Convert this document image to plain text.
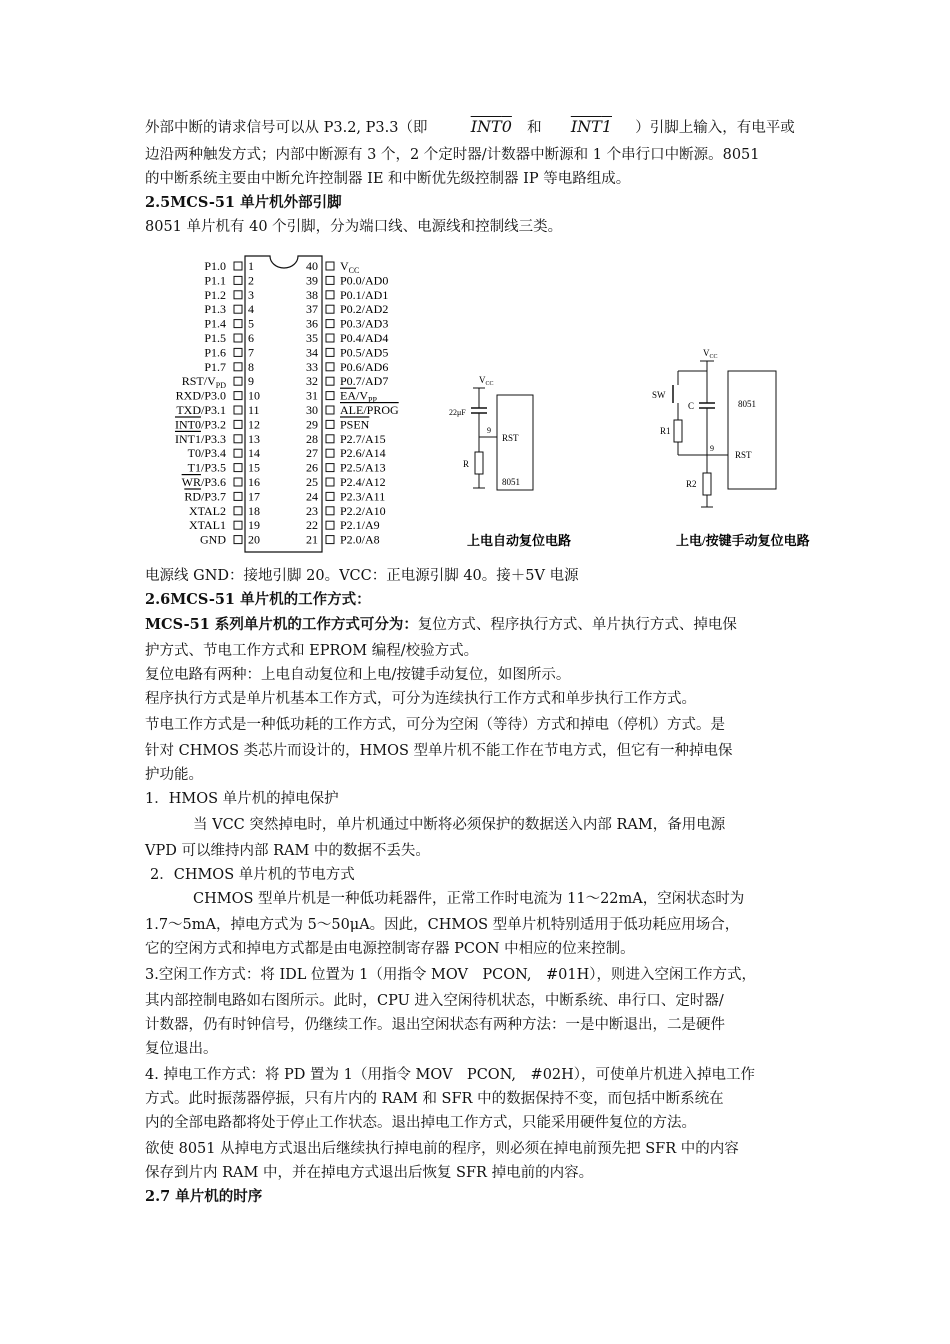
外部中断的请求信号可以从 P3.2, P3.3（即	INT0 和 INT1 ）引脚上输入，有电平或
边沿两种触发方式；内部中断源有 3 个，2 个定时器/计数器中断源和 1 个串行口中断源。8051
的中断系统主要由中断允许控制器 IE 和中断优先级控制器 IP 等电路组成。
2.5MCS-51 单片机外部引脚
8051 单片机有 40 个引脚，分为端口线、电源线和控制线三类。
P1.0 1
P1.1 2
P1.2 3
P1.3 4
P1.4 5
P1.5 6
P1.6 7
P1.7 8
RST/$V_{PD}$ 9
RXD/P3.0 10
TXD/P3.1 11
INT0/P3.2 12
INT1/P3.3 13
T0/P3.4 14
T1/P3.5 15
WR/P3.6 16
RD/P3.7 17
XTAL2 18
XTAL1 19
GND 20
40 $V_{CC}$
39 P0.0/AD0
38 P0.1/AD1
37 P0.2/AD2
36 P0.3/AD3
35 P0.4/AD4
34 P0.5/AD5
33 P0.6/AD6
32 P0.7/AD7
31 $EA/V_{PP}$
30 ALE/PROG
29 PSEN
28 P2.7/A15
27 P2.6/A14
26 P2.5/A13
25 P2.4/A12
24 P2.3/A11
23 P2.2/A10
22 P2.1/A9
21 P2.0/A8
$V_{CC}$
22μF
9
R
RST
8051
上电自动复位电路
$V_{CC}$
SW
R1
C
9
R2
8051
RST
上电/按键手动复位电路
电源线 GND：接地引脚 20。VCC：正电源引脚 40。接＋5V 电源
2.6MCS-51 单片机的工作方式：
MCS-51 系列单片机的工作方式可分为：复位方式、程序执行方式、单片执行方式、掉电保
护方式、节电工作方式和 EPROM 编程/校验方式。
复位电路有两种：上电自动复位和上电/按键手动复位，如图所示。
程序执行方式是单片机基本工作方式，可分为连续执行工作方式和单步执行工作方式。
节电工作方式是一种低功耗的工作方式，可分为空闲（等待）方式和掉电（停机）方式。是
针对 CHMOS 类芯片而设计的，HMOS 型单片机不能工作在节电方式，但它有一种掉电保
护功能。
1．HMOS 单片机的掉电保护
当 VCC 突然掉电时，单片机通过中断将必须保护的数据送入内部 RAM，备用电源
VPD 可以维持内部 RAM 中的数据不丢失。
2．CHMOS 单片机的节电方式
CHMOS 型单片机是一种低功耗器件，正常工作时电流为 11～22mA，空闲状态时为
1.7～5mA，掉电方式为 5～50μA。因此，CHMOS 型单片机特别适用于低功耗应用场合，
它的空闲方式和掉电方式都是由电源控制寄存器 PCON 中相应的位来控制。
3.空闲工作方式：将 IDL 位置为 1（用指令 MOV　PCON,　#01H），则进入空闲工作方式，
其内部控制电路如右图所示。此时，CPU 进入空闲待机状态，中断系统、串行口、定时器/
计数器，仍有时钟信号，仍继续工作。退出空闲状态有两种方法：一是中断退出，二是硬件
复位退出。
4. 掉电工作方式：将 PD 置为 1（用指令 MOV　PCON,　#02H），可使单片机进入掉电工作
方式。此时振荡器停振，只有片内的 RAM 和 SFR 中的数据保持不变，而包括中断系统在
内的全部电路都将处于停止工作状态。退出掉电工作方式，只能采用硬件复位的方法。
欲使 8051 从掉电方式退出后继续执行掉电前的程序，则必须在掉电前预先把 SFR 中的内容
保存到片内 RAM 中，并在掉电方式退出后恢复 SFR 掉电前的内容。
2.7 单片机的时序
